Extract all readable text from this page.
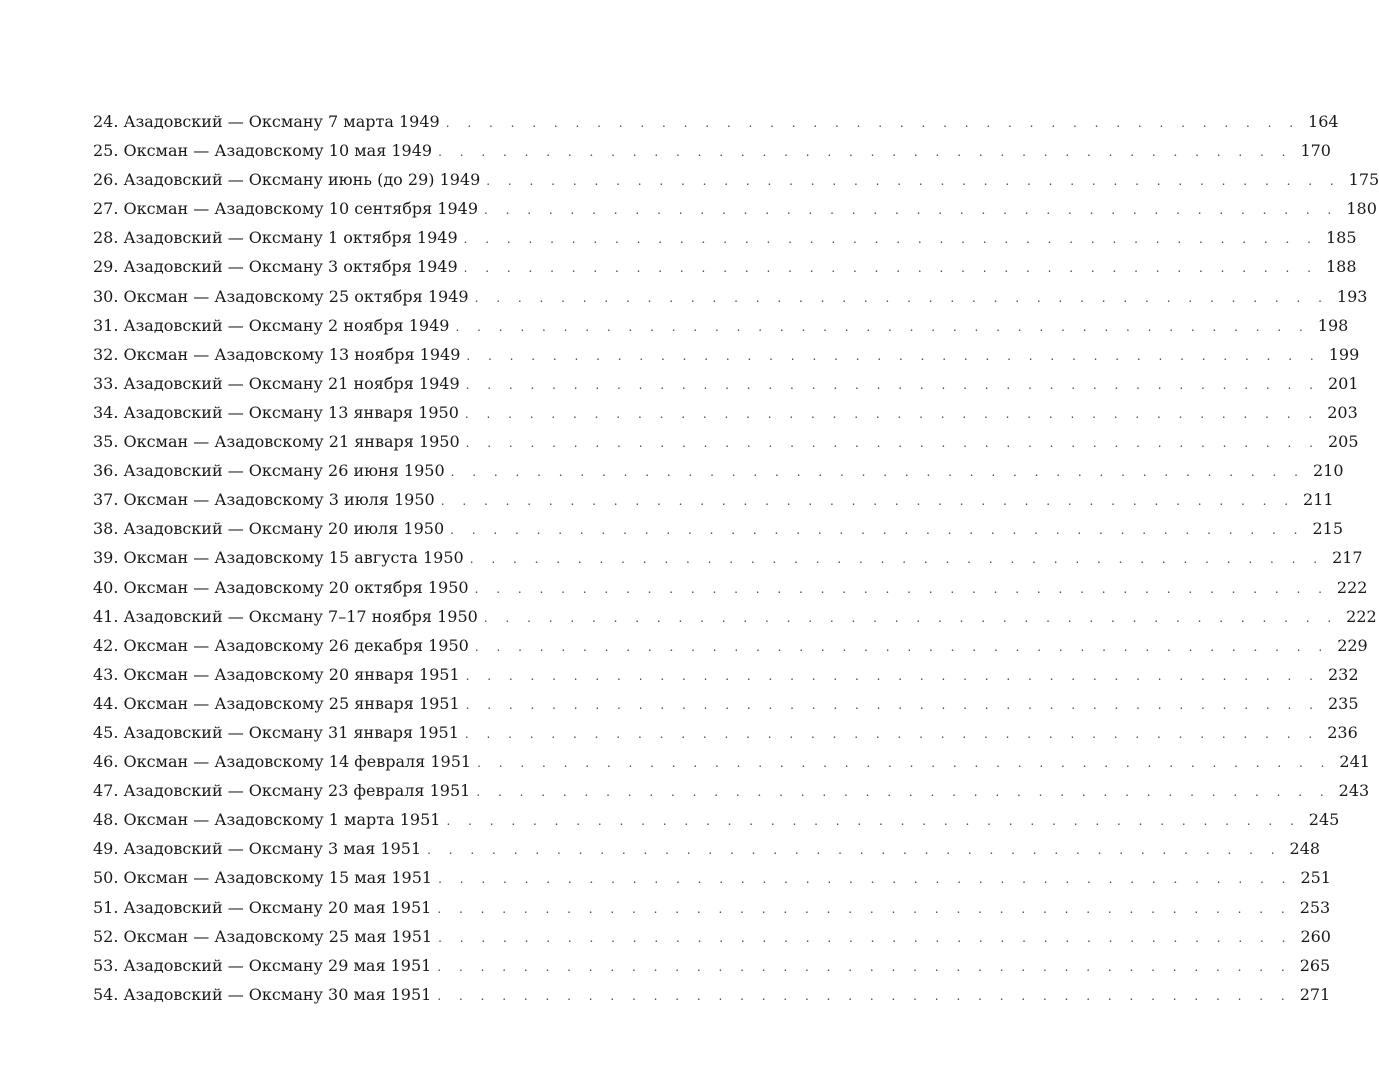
24. Азадовский — Оксману 7 марта 1949 . . . . . . . . . . . . . . . . . . . . . . . . . . . . . . . . . . . . . . . . 164
25. Оксман — Азадовскому 10 мая 1949 . . . . . . . . . . . . . . . . . . . . . . . . . . . . . . . . . . . . . . . . 170
26. Азадовский — Оксману июнь (до 29) 1949 . . . . . . . . . . . . . . . . . . . . . . . . . . . . . . . . . . . . . . . . 175
27. Оксман — Азадовскому 10 сентября 1949 . . . . . . . . . . . . . . . . . . . . . . . . . . . . . . . . . . . . . . . . 180
28. Азадовский — Оксману 1 октября 1949 . . . . . . . . . . . . . . . . . . . . . . . . . . . . . . . . . . . . . . . . 185
29. Азадовский — Оксману 3 октября 1949 . . . . . . . . . . . . . . . . . . . . . . . . . . . . . . . . . . . . . . . . 188
30. Оксман — Азадовскому 25 октября 1949 . . . . . . . . . . . . . . . . . . . . . . . . . . . . . . . . . . . . . . . . 193
31. Азадовский — Оксману 2 ноября 1949 . . . . . . . . . . . . . . . . . . . . . . . . . . . . . . . . . . . . . . . . 198
32. Оксман — Азадовскому 13 ноября 1949 . . . . . . . . . . . . . . . . . . . . . . . . . . . . . . . . . . . . . . . . 199
33. Азадовский — Оксману 21 ноября 1949 . . . . . . . . . . . . . . . . . . . . . . . . . . . . . . . . . . . . . . . . 201
34. Азадовский — Оксману 13 января 1950 . . . . . . . . . . . . . . . . . . . . . . . . . . . . . . . . . . . . . . . . 203
35. Оксман — Азадовскому 21 января 1950 . . . . . . . . . . . . . . . . . . . . . . . . . . . . . . . . . . . . . . . . 205
36. Азадовский — Оксману 26 июня 1950 . . . . . . . . . . . . . . . . . . . . . . . . . . . . . . . . . . . . . . . . 210
37. Оксман — Азадовскому 3 июля 1950 . . . . . . . . . . . . . . . . . . . . . . . . . . . . . . . . . . . . . . . . 211
38. Азадовский — Оксману 20 июля 1950 . . . . . . . . . . . . . . . . . . . . . . . . . . . . . . . . . . . . . . . . 215
39. Оксман — Азадовскому 15 августа 1950 . . . . . . . . . . . . . . . . . . . . . . . . . . . . . . . . . . . . . . . . 217
40. Оксман — Азадовскому 20 октября 1950 . . . . . . . . . . . . . . . . . . . . . . . . . . . . . . . . . . . . . . . . 222
41. Азадовский — Оксману 7–17 ноября 1950 . . . . . . . . . . . . . . . . . . . . . . . . . . . . . . . . . . . . . . . . 222
42. Оксман — Азадовскому 26 декабря 1950 . . . . . . . . . . . . . . . . . . . . . . . . . . . . . . . . . . . . . . . . 229
43. Оксман — Азадовскому 20 января 1951 . . . . . . . . . . . . . . . . . . . . . . . . . . . . . . . . . . . . . . . . 232
44. Оксман — Азадовскому 25 января 1951 . . . . . . . . . . . . . . . . . . . . . . . . . . . . . . . . . . . . . . . . 235
45. Азадовский — Оксману 31 января 1951 . . . . . . . . . . . . . . . . . . . . . . . . . . . . . . . . . . . . . . . . 236
46. Оксман — Азадовскому 14 февраля 1951 . . . . . . . . . . . . . . . . . . . . . . . . . . . . . . . . . . . . . . . . 241
47. Азадовский — Оксману 23 февраля 1951 . . . . . . . . . . . . . . . . . . . . . . . . . . . . . . . . . . . . . . . . 243
48. Оксман — Азадовскому 1 марта 1951 . . . . . . . . . . . . . . . . . . . . . . . . . . . . . . . . . . . . . . . . 245
49. Азадовский — Оксману 3 мая 1951 . . . . . . . . . . . . . . . . . . . . . . . . . . . . . . . . . . . . . . . . 248
50. Оксман — Азадовскому 15 мая 1951 . . . . . . . . . . . . . . . . . . . . . . . . . . . . . . . . . . . . . . . . 251
51. Азадовский — Оксману 20 мая 1951 . . . . . . . . . . . . . . . . . . . . . . . . . . . . . . . . . . . . . . . . 253
52. Оксман — Азадовскому 25 мая 1951 . . . . . . . . . . . . . . . . . . . . . . . . . . . . . . . . . . . . . . . . 260
53. Азадовский — Оксману 29 мая 1951 . . . . . . . . . . . . . . . . . . . . . . . . . . . . . . . . . . . . . . . . 265
54. Азадовский — Оксману 30 мая 1951 . . . . . . . . . . . . . . . . . . . . . . . . . . . . . . . . . . . . . . . . 271
